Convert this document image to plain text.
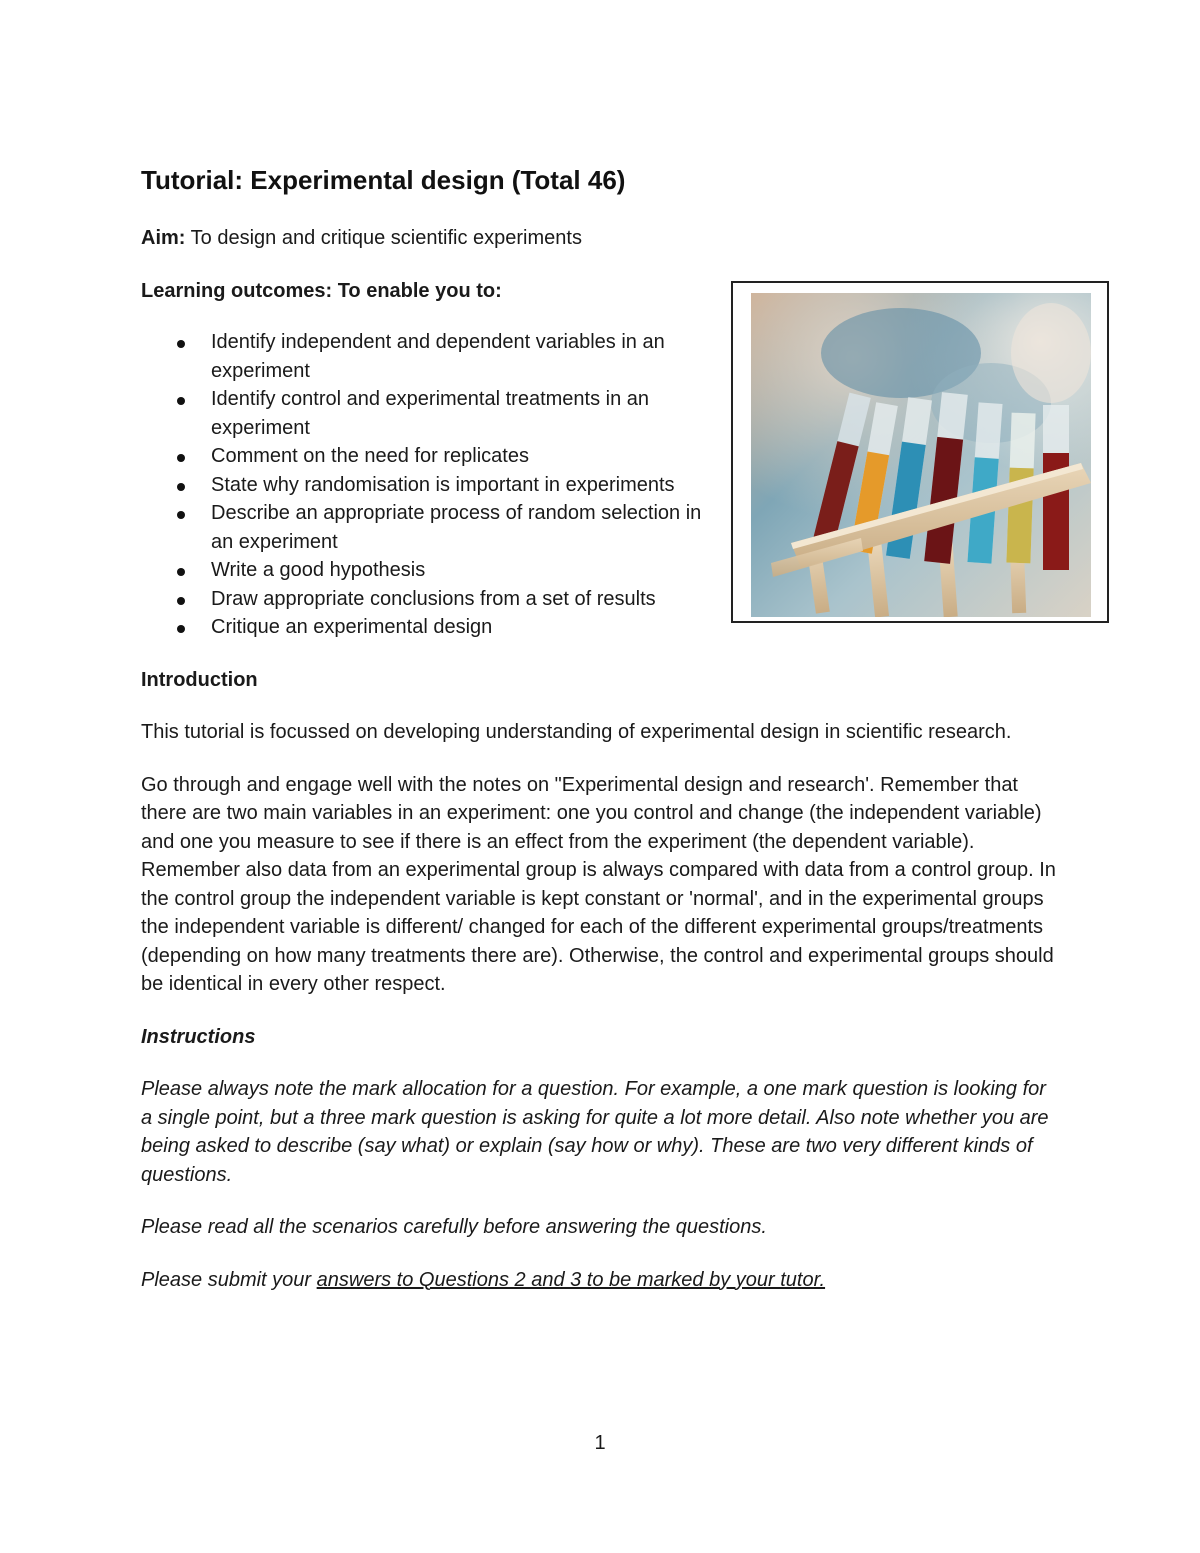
Tutorial: Experimental design (Total 46)

Aim: To design and critique scientific experiments

Learning outcomes: To enable you to:

Identify independent and dependent variables in an experiment
Identify control and experimental treatments in an experiment
Comment on the need for replicates
State why randomisation is important in experiments
Describe an appropriate process of random selection in an experiment
Write a good hypothesis
Draw appropriate conclusions from a set of results
Critique an experimental design

Introduction

This tutorial is focussed on developing understanding of experimental design in scientific research.

Go through and engage well with the notes on "Experimental design and research'. Remember that there are two main variables in an experiment: one you control and change (the independent variable) and one you measure to see if there is an effect from the experiment (the dependent variable). Remember also data from an experimental group is always compared with data from a control group. In the control group the independent variable is kept constant or 'normal', and in the experimental groups the independent variable is different/ changed for each of the different experimental groups/treatments (depending on how many treatments there are). Otherwise, the control and experimental groups should be identical in every other respect.

Instructions

Please always note the mark allocation for a question. For example, a one mark question is looking for a single point, but a three mark question is asking for quite a lot more detail. Also note whether you are being asked to describe (say what) or explain (say how or why). These are two very different kinds of questions.

Please read all the scenarios carefully before answering the questions.

Please submit your answers to Questions 2 and 3 to be marked by your tutor.

1
